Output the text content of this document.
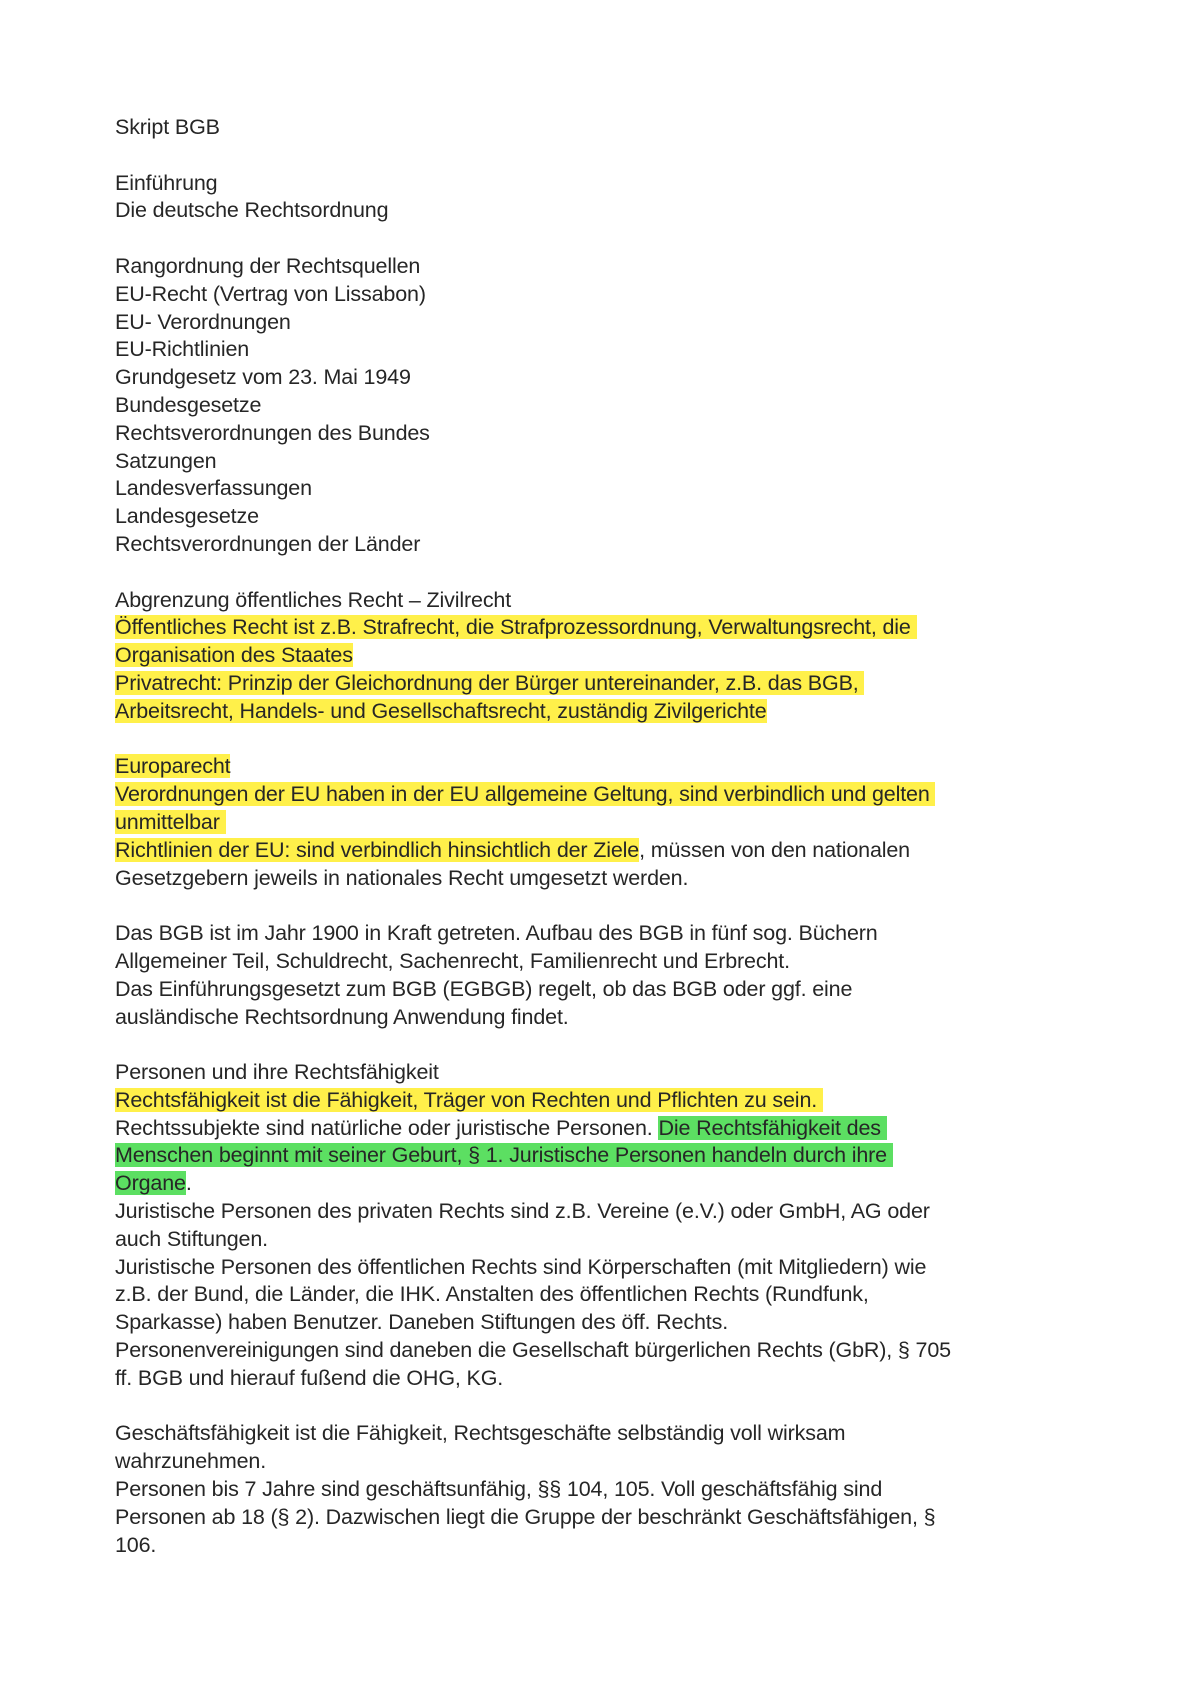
Skript BGB
Einführung
Die deutsche Rechtsordnung
Rangordnung der Rechtsquellen
EU-Recht (Vertrag von Lissabon)
EU- Verordnungen
EU-Richtlinien
Grundgesetz vom 23. Mai 1949
Bundesgesetze
Rechtsverordnungen des Bundes
Satzungen
Landesverfassungen
Landesgesetze
Rechtsverordnungen der Länder
Abgrenzung öffentliches Recht – Zivilrecht
Öffentliches Recht ist z.B. Strafrecht, die Strafprozessordnung, Verwaltungsrecht, die
Organisation des Staates
Privatrecht: Prinzip der Gleichordnung der Bürger untereinander, z.B. das BGB,
Arbeitsrecht, Handels- und Gesellschaftsrecht, zuständig Zivilgerichte
Europarecht
Verordnungen der EU haben in der EU allgemeine Geltung, sind verbindlich und gelten
unmittelbar
Richtlinien der EU: sind verbindlich hinsichtlich der Ziele, müssen von den nationalen
Gesetzgebern jeweils in nationales Recht umgesetzt werden.
Das BGB ist im Jahr 1900 in Kraft getreten. Aufbau des BGB in fünf sog. Büchern
Allgemeiner Teil, Schuldrecht, Sachenrecht, Familienrecht und Erbrecht.
Das Einführungsgesetzt zum BGB (EGBGB) regelt, ob das BGB oder ggf. eine
ausländische Rechtsordnung Anwendung findet.
Personen und ihre Rechtsfähigkeit
Rechtsfähigkeit ist die Fähigkeit, Träger von Rechten und Pflichten zu sein.
Rechtssubjekte sind natürliche oder juristische Personen. Die Rechtsfähigkeit des
Menschen beginnt mit seiner Geburt, § 1. Juristische Personen handeln durch ihre
Organe.
Juristische Personen des privaten Rechts sind z.B. Vereine (e.V.) oder GmbH, AG oder
auch Stiftungen.
Juristische Personen des öffentlichen Rechts sind Körperschaften (mit Mitgliedern) wie
z.B. der Bund, die Länder, die IHK. Anstalten des öffentlichen Rechts (Rundfunk,
Sparkasse) haben Benutzer. Daneben Stiftungen des öff. Rechts.
Personenvereinigungen sind daneben die Gesellschaft bürgerlichen Rechts (GbR), § 705
ff. BGB und hierauf fußend die OHG, KG.
Geschäftsfähigkeit ist die Fähigkeit, Rechtsgeschäfte selbständig voll wirksam
wahrzunehmen.
Personen bis 7 Jahre sind geschäftsunfähig, §§ 104, 105. Voll geschäftsfähig sind
Personen ab 18 (§ 2). Dazwischen liegt die Gruppe der beschränkt Geschäftsfähigen, §
106.
